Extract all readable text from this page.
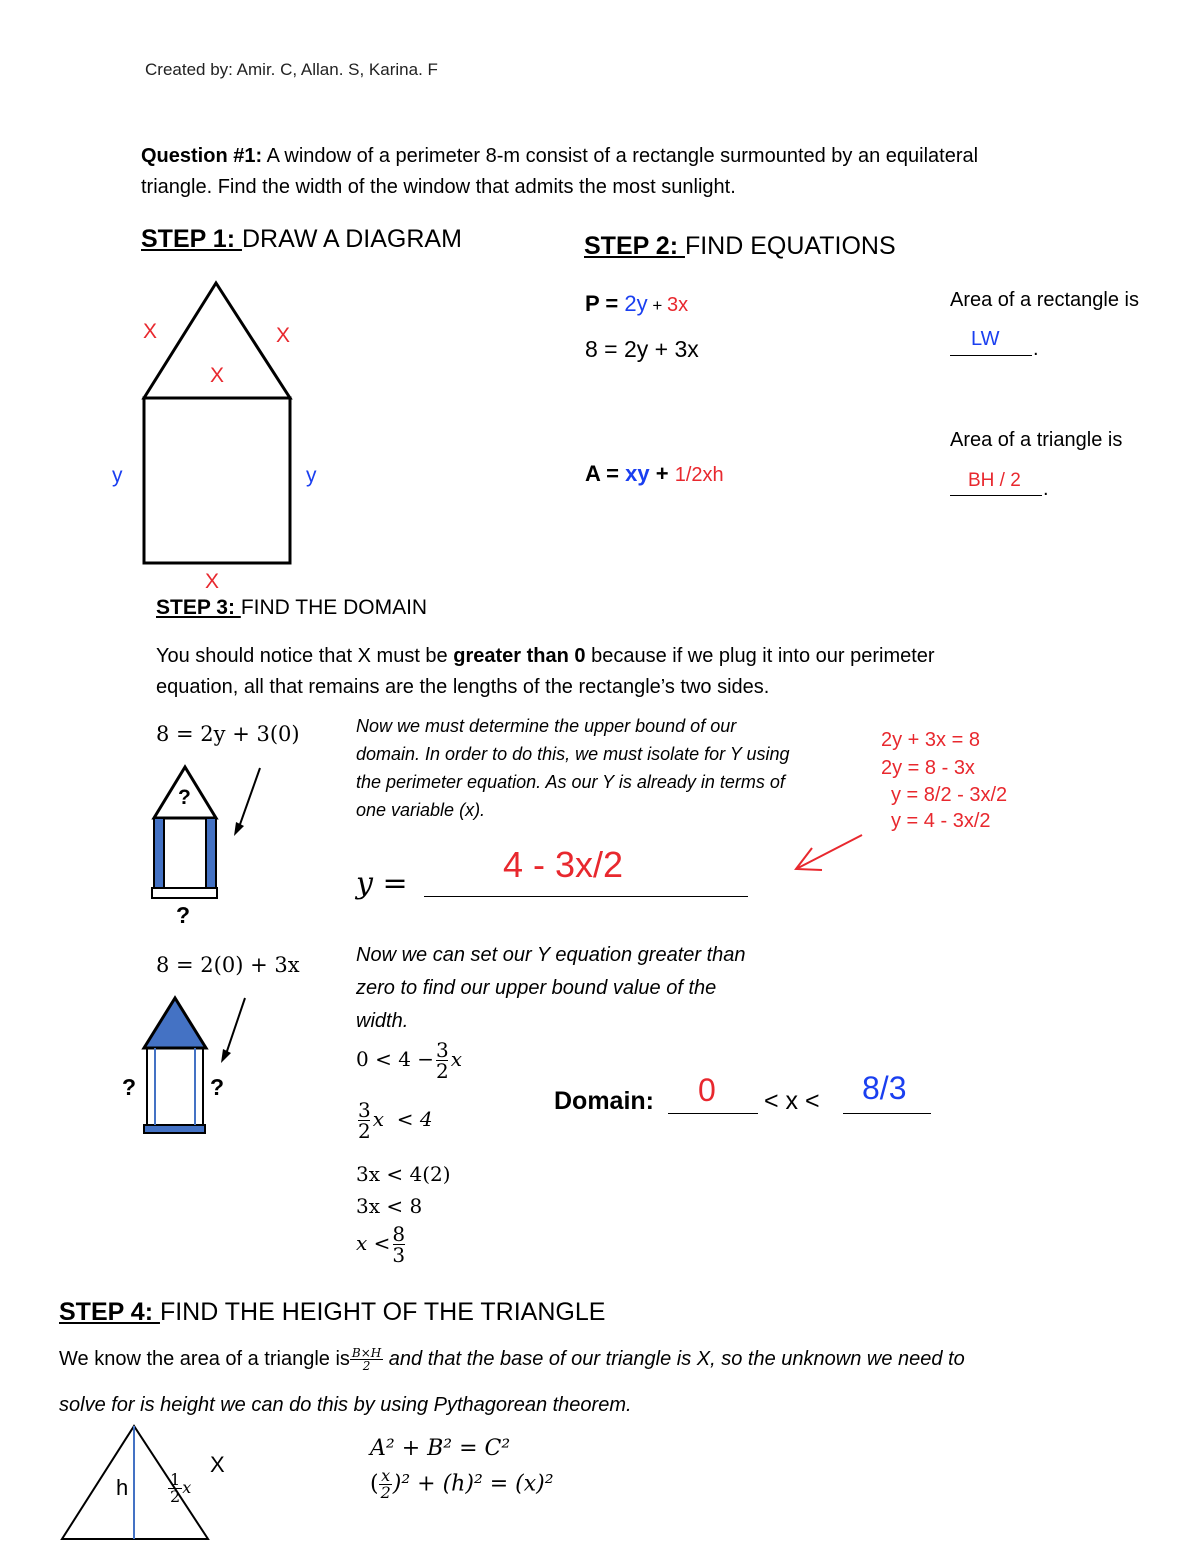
Created by: Amir. C, Allan. S, Karina. F
Question #1: A window of a perimeter 8-m consist of a rectangle surmounted by an equilateral
triangle. Find the width of the window that admits the most sunlight.
STEP 1: DRAW A DIAGRAM
X	X
X
y	y
X
STEP 2: FIND EQUATIONS
P = 2y + 3x
8 = 2y + 3x
A = xy + 1/2xh
Area of a rectangle is
LW .
Area of a triangle is
BH / 2 .
STEP 3: FIND THE DOMAIN
You should notice that X must be greater than 0 because if we plug it into our perimeter
equation, all that remains are the lengths of the rectangle’s two sides.
8 = 2y + 3(0)
?
?
Now we must determine the upper bound of our
domain. In order to do this, we must isolate for Y using
the perimeter equation. As our Y is already in terms of
one variable (x).
2y + 3x = 8
2y = 8 - 3x
y = 8/2 - 3x/2
y = 4 - 3x/2
y =	4 - 3x/2
8 = 2(0) + 3x
?	?
Now we can set our Y equation greater than
zero to find our upper bound value of the
width.
$0 < 4 - \frac{3}{2}$ x
$\frac{3}{2}$ x  < 4
3x < 4(2)
3x < 8
$x < \frac{8}{3}$
Domain: 0 < x < 8/3
STEP 4: FIND THE HEIGHT OF THE TRIANGLE
We know the area of a triangle is $\frac{B\times H}{2}$ and that the base of our triangle is X, so the unknown we need to
solve for is height we can do this by using Pythagorean theorem.
h $\frac{1}{2}$ x
X
A² + B² = C²
( $\frac{x}{2} )^2 + (h)^2 = (x)^2$
